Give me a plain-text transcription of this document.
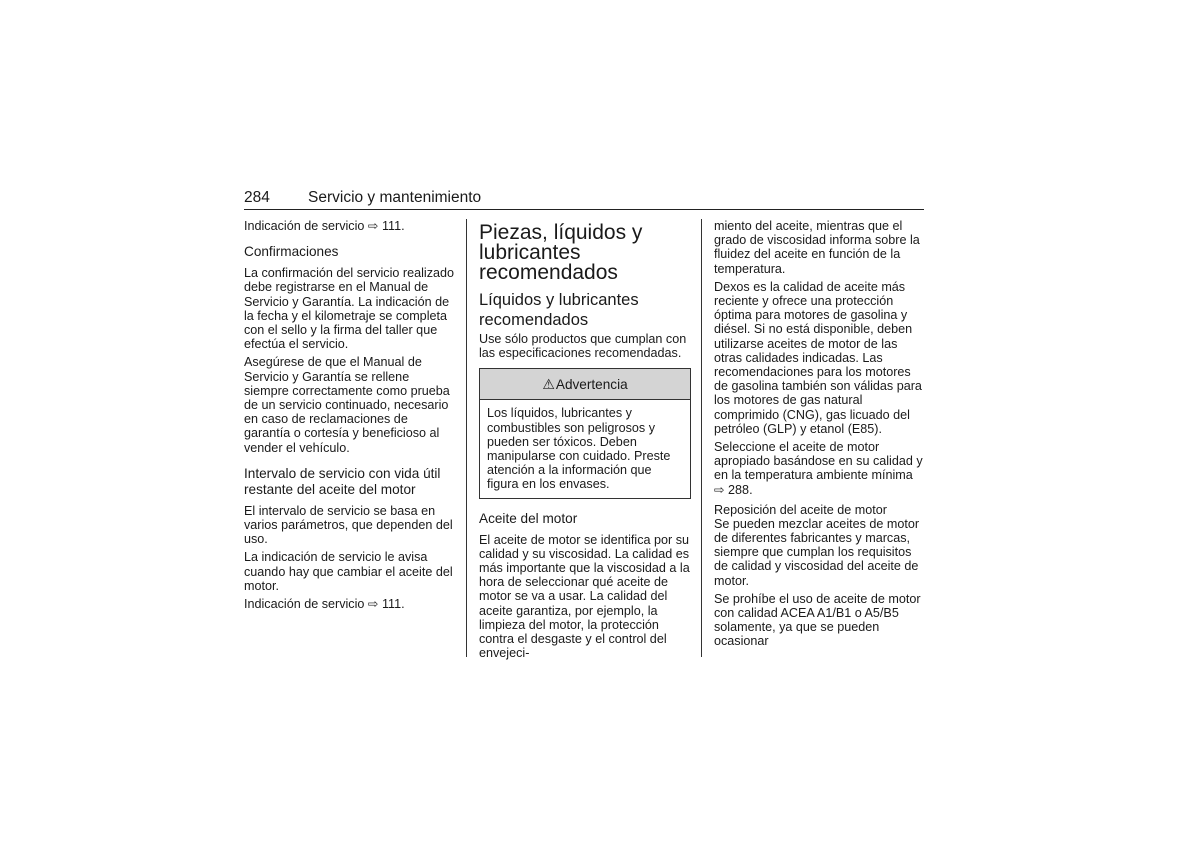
284 Servicio y mantenimiento

Indicación de servicio ⇨ 111.

Confirmaciones

La confirmación del servicio realizado debe registrarse en el Manual de Servicio y Garantía. La indicación de la fecha y el kilometraje se completa con el sello y la firma del taller que efectúa el servicio.

Asegúrese de que el Manual de Servicio y Garantía se rellene siempre correctamente como prueba de un servicio continuado, necesario en caso de reclamaciones de garantía o cortesía y beneficioso al vender el vehículo.

Intervalo de servicio con vida útil restante del aceite del motor

El intervalo de servicio se basa en varios parámetros, que dependen del uso.

La indicación de servicio le avisa cuando hay que cambiar el aceite del motor.

Indicación de servicio ⇨ 111.

Piezas, líquidos y lubricantes recomendados
Líquidos y lubricantes recomendados

Use sólo productos que cumplan con las especificaciones recomendadas.

⚠Advertencia

Los líquidos, lubricantes y combustibles son peligrosos y pueden ser tóxicos. Deben manipularse con cuidado. Preste atención a la información que figura en los envases.

Aceite del motor

El aceite de motor se identifica por su calidad y su viscosidad. La calidad es más importante que la viscosidad a la hora de seleccionar qué aceite de motor se va a usar. La calidad del aceite garantiza, por ejemplo, la limpieza del motor, la protección contra el desgaste y el control del envejeci-

miento del aceite, mientras que el grado de viscosidad informa sobre la fluidez del aceite en función de la temperatura.

Dexos es la calidad de aceite más reciente y ofrece una protección óptima para motores de gasolina y diésel. Si no está disponible, deben utilizarse aceites de motor de las otras calidades indicadas. Las recomendaciones para los motores de gasolina también son válidas para los motores de gas natural comprimido (CNG), gas licuado del petróleo (GLP) y etanol (E85).

Seleccione el aceite de motor apropiado basándose en su calidad y en la temperatura ambiente mínima ⇨ 288.

Reposición del aceite de motor

Se pueden mezclar aceites de motor de diferentes fabricantes y marcas, siempre que cumplan los requisitos de calidad y viscosidad del aceite de motor.

Se prohíbe el uso de aceite de motor con calidad ACEA A1/B1 o A5/B5 solamente, ya que se pueden ocasionar
